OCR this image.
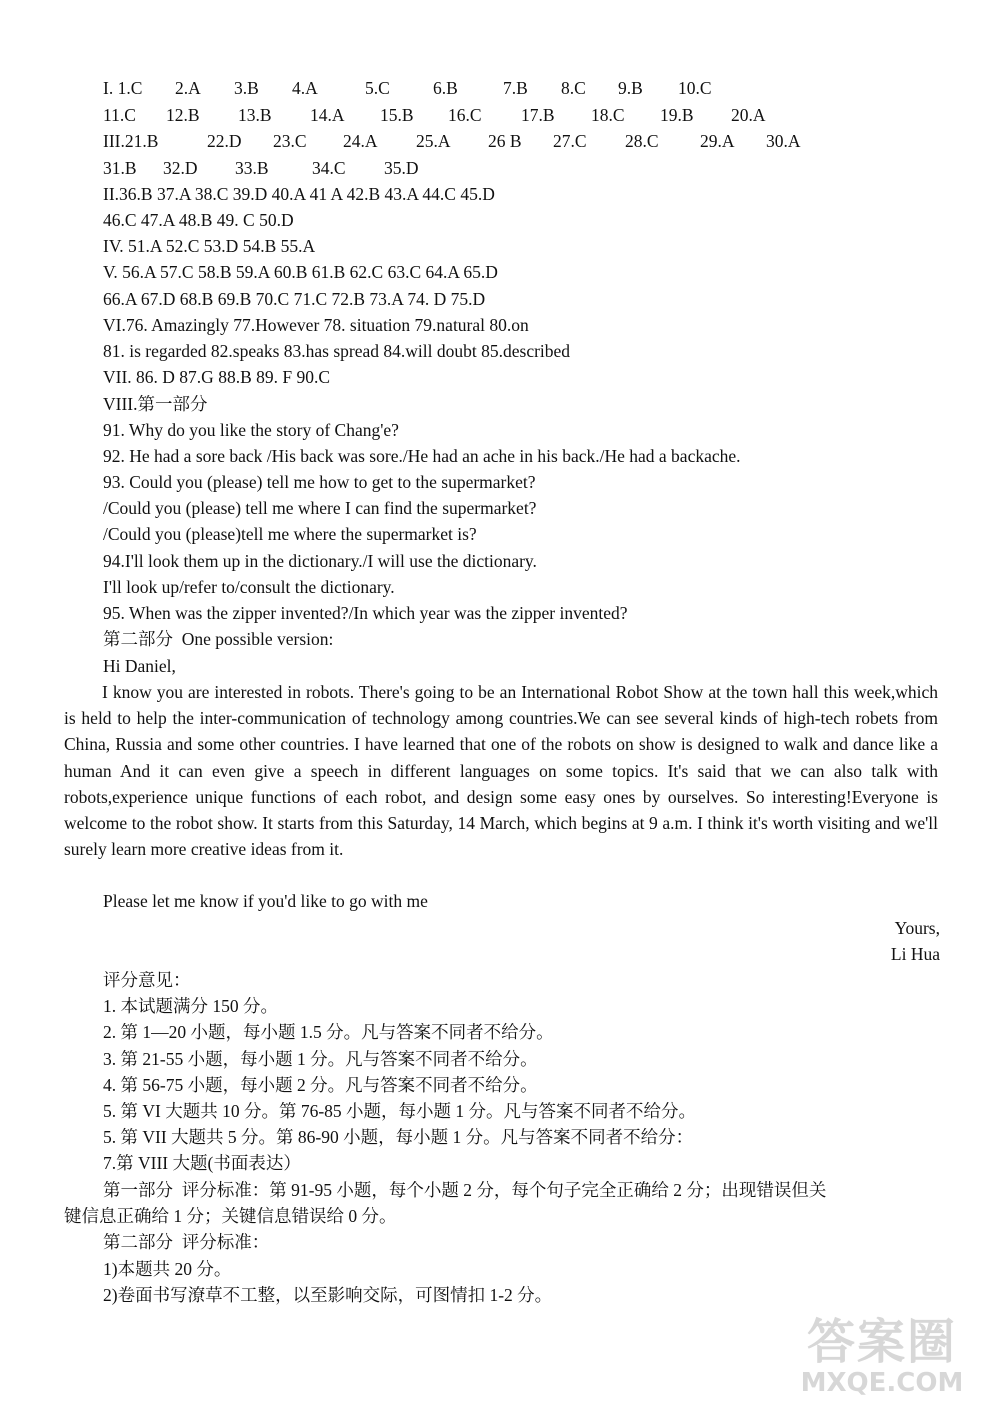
I. 1.C 2.A 3.B 4.A	5.C 6.B	7.B 8.C 9.B 10.C
11.C 12.B 13.B 14.A 15.B 16.C 17.B 18.C 19.B 20.A
III.21.B	22.D 23.C 24.A 25.A 26 B 27.C 28.C 29.A 30.A
31.B 32.D 33.B 34.C 35.D
II.36.B 37.A 38.C 39.D 40.A 41 A 42.B 43.A 44.C 45.D
46.C 47.A 48.B 49. C 50.D
IV. 51.A 52.C 53.D 54.B 55.A
V. 56.A 57.C 58.B 59.A 60.B 61.B 62.C 63.C 64.A 65.D
66.A 67.D 68.B 69.B 70.C 71.C 72.B 73.A 74. D 75.D
VI.76. Amazingly 77.However 78. situation 79.natural 80.on
81. is regarded 82.speaks 83.has spread 84.will doubt 85.described
VII. 86. D 87.G 88.B 89. F 90.C
VIII.第一部分
91. Why do you like the story of Chang'e?
92. He had a sore back /His back was sore./He had an ache in his back./He had a backache.
93. Could you (please) tell me how to get to the supermarket?
/Could you (please) tell me where I can find the supermarket?
/Could you (please)tell me where the supermarket is?
94.I'll look them up in the dictionary./I will use the dictionary.
I'll look up/refer to/consult the dictionary.
95. When was the zipper invented?/In which year was the zipper invented?
第二部分  One possible version:
Hi Daniel,
I know you are interested in robots. There's going to be an International Robot Show at the town hall this week,which is held to help the inter-communication of technology among countries.We can see several kinds of high-tech robets from China, Russia and some other countries. I have learned that one of the robots on show is designed to walk and dance like a human And it can even give a speech in different languages on some topics. It's said that we can also talk with robots,experience unique functions of each robot, and design some easy ones by ourselves. So interesting!Everyone is welcome to the robot show. It starts from this Saturday, 14 March, which begins at 9 a.m. I think it's worth visiting and we'll surely learn more creative ideas from it.
Please let me know if you'd like to go with me
Yours,
Li Hua
评分意见：
1. 本试题满分 150 分。
2. 第 1—20 小题，每小题 1.5 分。凡与答案不同者不给分。
3. 第 21-55 小题，每小题 1 分。凡与答案不同者不给分。
4. 第 56-75 小题，每小题 2 分。凡与答案不同者不给分。
5. 第 VI 大题共 10 分。第 76-85 小题，每小题 1 分。凡与答案不同者不给分。
5. 第 VII 大题共 5 分。第 86-90 小题，每小题 1 分。凡与答案不同者不给分：
7.第 VIII 大题(书面表达）
第一部分  评分标准：第 91-95 小题，每个小题 2 分，每个句子完全正确给 2 分；出现错误但关
键信息正确给 1 分；关键信息错误给 0 分。
第二部分  评分标准：
1)本题共 20 分。
2)卷面书写潦草不工整，以至影响交际，可图情扣 1-2 分。
答案圈
MXQE.COM
